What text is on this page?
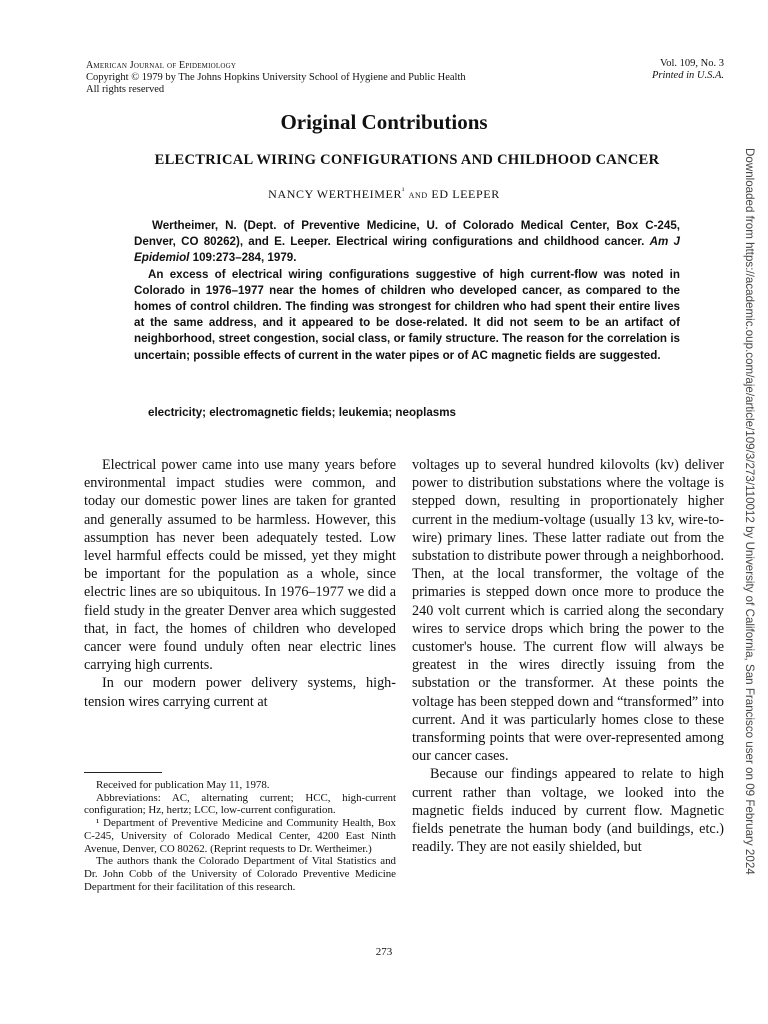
American Journal of Epidemiology
Copyright © 1979 by The Johns Hopkins University School of Hygiene and Public Health
All rights reserved
Vol. 109, No. 3
Printed in U.S.A.
Original Contributions
ELECTRICAL WIRING CONFIGURATIONS AND CHILDHOOD CANCER
NANCY $WERTHEIMER^{^1}$ and ED LEEPER

Wertheimer, N. (Dept. of Preventive Medicine, U. of Colorado Medical Center, Box C-245, Denver, CO 80262), and E. Leeper. Electrical wiring configurations and childhood cancer. Am J Epidemiol 109:273–284, 1979.

An excess of electrical wiring configurations suggestive of high current-flow was noted in Colorado in 1976–1977 near the homes of children who developed cancer, as compared to the homes of control children. The finding was strongest for children who had spent their entire lives at the same address, and it appeared to be dose-related. It did not seem to be an artifact of neighborhood, street congestion, social class, or family structure. The reason for the correlation is uncertain; possible effects of current in the water pipes or of AC magnetic fields are suggested.

electricity; electromagnetic fields; leukemia; neoplasms

Electrical power came into use many years before environmental impact studies were common, and today our domestic power lines are taken for granted and generally assumed to be harmless. However, this assumption has never been adequately tested. Low level harmful effects could be missed, yet they might be important for the population as a whole, since electric lines are so ubiquitous. In 1976–1977 we did a field study in the greater Denver area which suggested that, in fact, the homes of children who developed cancer were found unduly often near electric lines carrying high currents.

In our modern power delivery systems, high-tension wires carrying current at

voltages up to several hundred kilovolts (kv) deliver power to distribution substations where the voltage is stepped down, resulting in proportionately higher current in the medium-voltage (usually 13 kv, wire-to-wire) primary lines. These latter radiate out from the substation to distribute power through a neighborhood. Then, at the local transformer, the voltage of the primaries is stepped down once more to produce the 240 volt current which is carried along the secondary wires to service drops which bring the power to the customer's house. The current flow will always be greatest in the wires directly issuing from the substation or the transformer. At these points the voltage has been stepped down and “transformed” into current. And it was particularly homes close to these transforming points that were over-represented among our cancer cases.

Because our findings appeared to relate to high current rather than voltage, we looked into the magnetic fields induced by current flow. Magnetic fields penetrate the human body (and buildings, etc.) readily. They are not easily shielded, but

Received for publication May 11, 1978.

Abbreviations: AC, alternating current; HCC, high-current configuration; Hz, hertz; LCC, low-current configuration.

¹ Department of Preventive Medicine and Community Health, Box C-245, University of Colorado Medical Center, 4200 East Ninth Avenue, Denver, CO 80262. (Reprint requests to Dr. Wertheimer.)

The authors thank the Colorado Department of Vital Statistics and Dr. John Cobb of the University of Colorado Preventive Medicine Department for their facilitation of this research.

273
Downloaded from https://academic.oup.com/aje/article/109/3/273/110012 by University of California, San Francisco user on 09 February 2024
